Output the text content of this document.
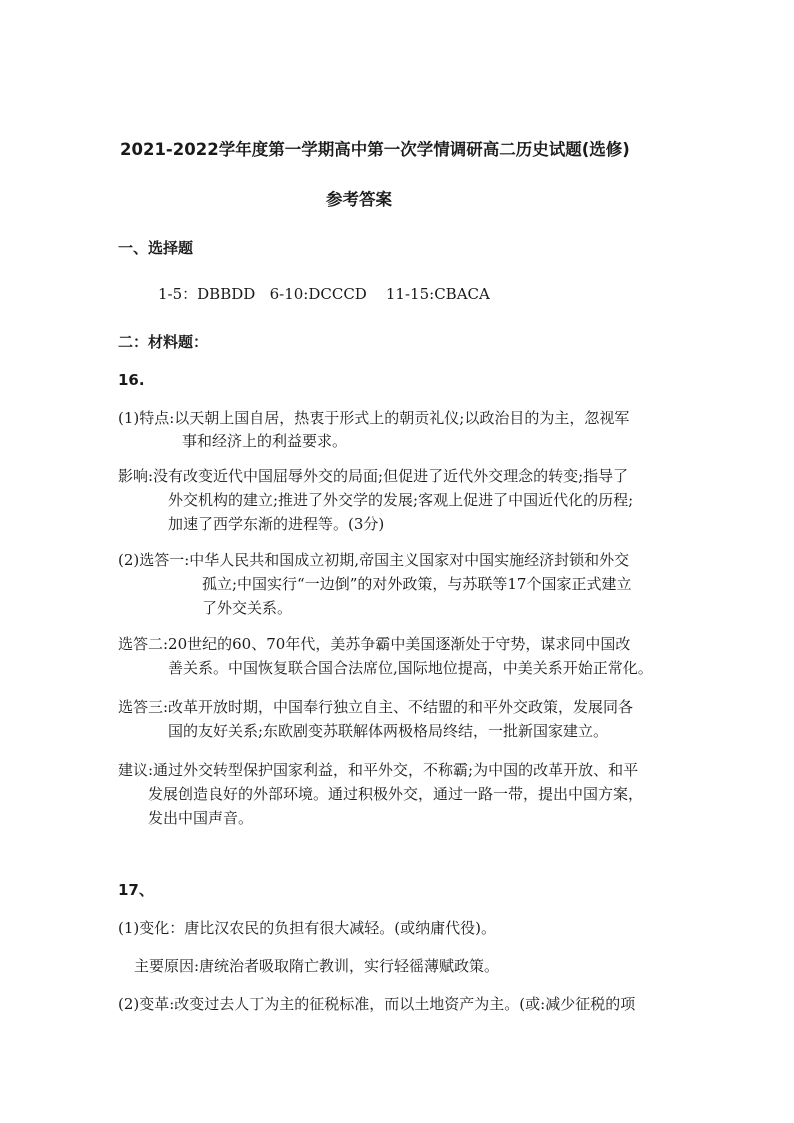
2021-2022学年度第一学期高中第一次学情调研高二历史试题(选修)
参考答案
一、选择题
1-5：DBBDD   6-10:DCCCD    11-15:CBACA
二：材料题：
16.
(1)特点:以天朝上国自居，热衷于形式上的朝贡礼仪;以政治目的为主，忽视军
事和经济上的利益要求。
影响:没有改变近代中国屈辱外交的局面;但促进了近代外交理念的转变;指导了
外交机构的建立;推进了外交学的发展;客观上促进了中国近代化的历程;
加速了西学东渐的进程等。(3分)
(2)选答一:中华人民共和国成立初期,帝国主义国家对中国实施经济封锁和外交
孤立;中国实行“一边倒”的对外政策，与苏联等17个国家正式建立
了外交关系。
选答二:20世纪的60、70年代，美苏争霸中美国逐渐处于守势，谋求同中国改
善关系。中国恢复联合国合法席位,国际地位提高，中美关系开始正常化。
选答三:改革开放时期，中国奉行独立自主、不结盟的和平外交政策，发展同各
国的友好关系;东欧剧变苏联解体两极格局终结，一批新国家建立。
建议:通过外交转型保护国家利益，和平外交，不称霸;为中国的改革开放、和平
发展创造良好的外部环境。通过积极外交，通过一路一带，提出中国方案，
发出中国声音。
17、
(1)变化：唐比汉农民的负担有很大减轻。(或纳庸代役)。
主要原因:唐统治者吸取隋亡教训，实行轻徭薄赋政策。
(2)变革:改变过去人丁为主的征税标准，而以土地资产为主。(或:减少征税的项
